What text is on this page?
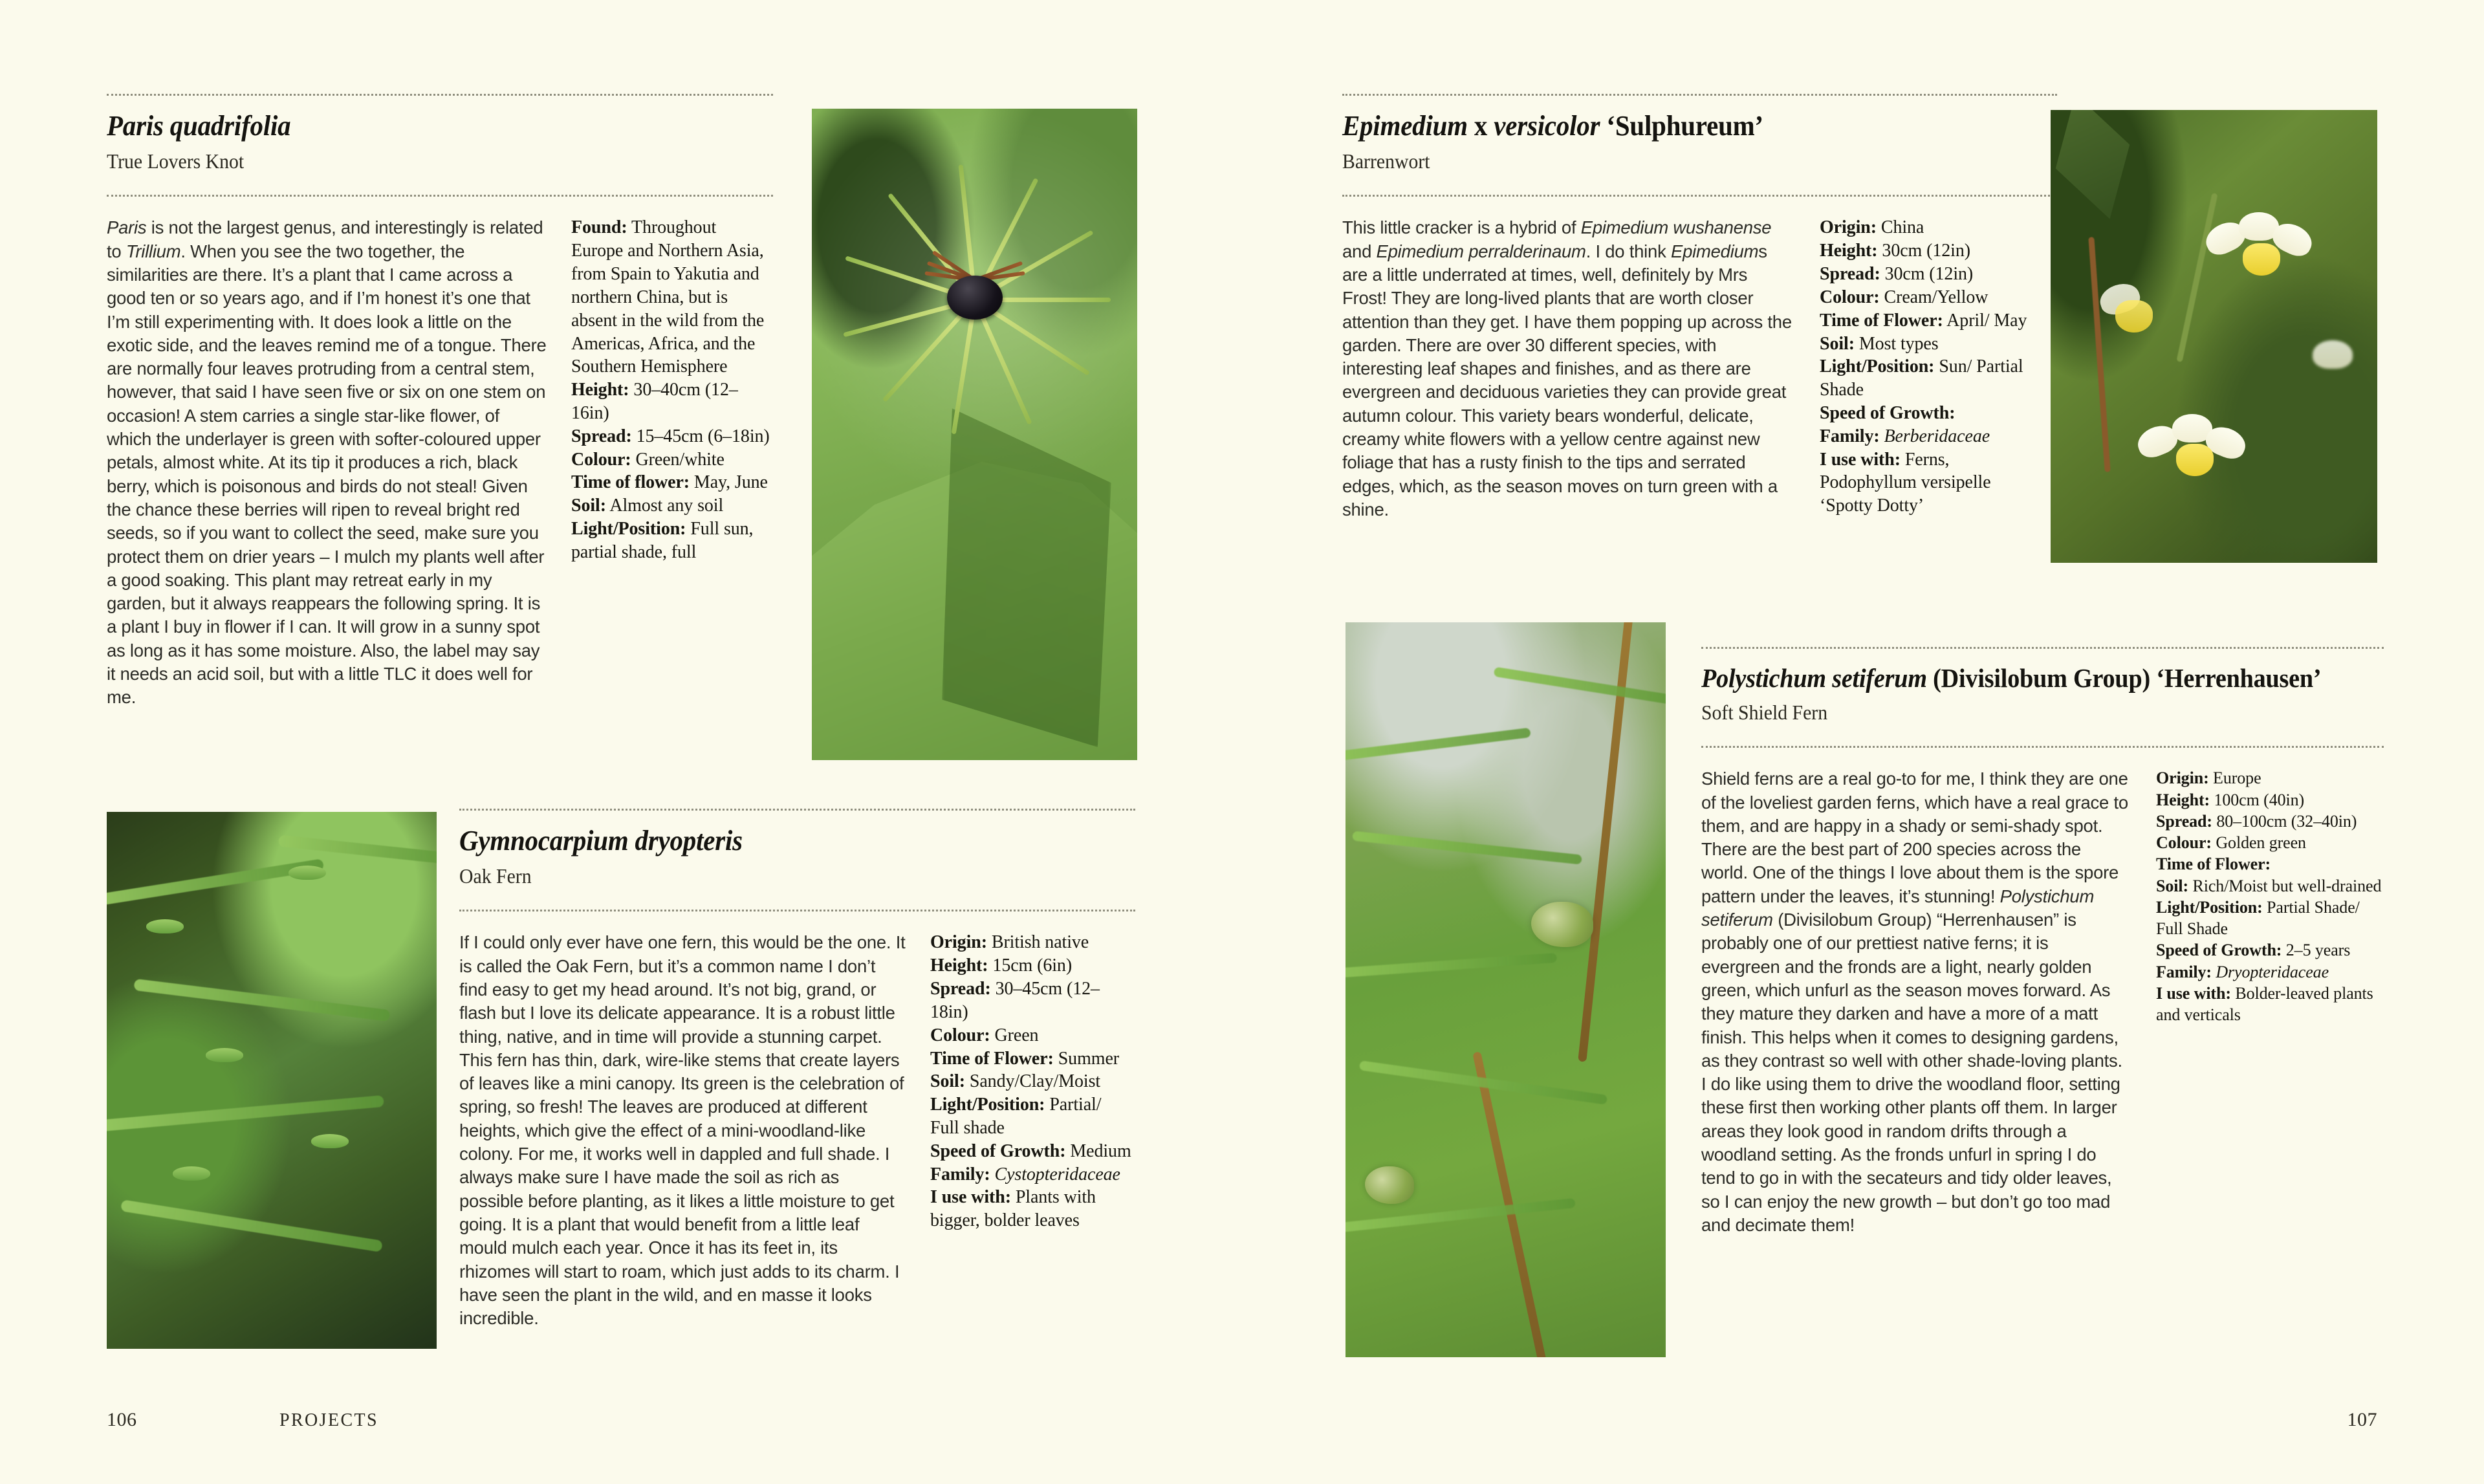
Paris quadrifolia
True Lovers Knot

Paris is not the largest genus, and interestingly is related to Trillium. When you see the two together, the similarities are there. It’s a plant that I came across a good ten or so years ago, and if I’m honest it’s one that I’m still experimenting with. It does look a little on the exotic side, and the leaves remind me of a tongue. There are normally four leaves protruding from a central stem, however, that said I have seen five or six on one stem on occasion! A stem carries a single star-like flower, of which the underlayer is green with softer-coloured upper petals, almost white. At its tip it produces a rich, black berry, which is poisonous and birds do not steal! Given the chance these berries will ripen to reveal bright red seeds, so if you want to collect the seed, make sure you protect them on drier years – I mulch my plants well after a good soaking. This plant may retreat early in my garden, but it always reappears the following spring. It is a plant I buy in flower if I can. It will grow in a sunny spot as long as it has some moisture. Also, the label may say it needs an acid soil, but with a little TLC it does well for me.

Found: Throughout Europe and Northern Asia, from Spain to Yakutia and northern China, but is absent in the wild from the Americas, Africa, and the Southern Hemisphere
Height: 30–40cm (12–16in)
Spread: 15–45cm (6–18in)
Colour: Green/white
Time of flower: May, June
Soil: Almost any soil
Light/Position: Full sun, partial shade, full
Gymnocarpium dryopteris
Oak Fern

If I could only ever have one fern, this would be the one. It is called the Oak Fern, but it’s a common name I don’t find easy to get my head around. It’s not big, grand, or flash but I love its delicate appearance. It is a robust little thing, native, and in time will provide a stunning carpet. This fern has thin, dark, wire-like stems that create layers of leaves like a mini canopy. Its green is the celebration of spring, so fresh! The leaves are produced at different heights, which give the effect of a mini-woodland-like colony. For me, it works well in dappled and full shade. I always make sure I have made the soil as rich as possible before planting, as it likes a little moisture to get going. It is a plant that would benefit from a little leaf mould mulch each year. Once it has its feet in, its rhizomes will start to roam, which just adds to its charm. I have seen the plant in the wild, and en masse it looks incredible.

Origin: British native
Height: 15cm (6in)
Spread: 30–45cm (12–18in)
Colour: Green
Time of Flower: Summer
Soil: Sandy/Clay/Moist
Light/Position: Partial/ Full shade
Speed of Growth: Medium
Family: Cystopteridaceae
I use with: Plants with bigger, bolder leaves
PROJECTS
106
Epimedium x versicolor ‘Sulphureum’
Barrenwort

This little cracker is a hybrid of Epimedium wushanense and Epimedium perralderinaum. I do think Epimediums are a little underrated at times, well, definitely by Mrs Frost! They are long-lived plants that are worth closer attention than they get. I have them popping up across the garden. There are over 30 different species, with interesting leaf shapes and finishes, and as there are evergreen and deciduous varieties they can provide great autumn colour. This variety bears wonderful, delicate, creamy white flowers with a yellow centre against new foliage that has a rusty finish to the tips and serrated edges, which, as the season moves on turn green with a shine.

Origin: China
Height: 30cm (12in)
Spread: 30cm (12in)
Colour: Cream/Yellow
Time of Flower: April/ May
Soil: Most types
Light/Position: Sun/ Partial Shade
Speed of Growth:
Family: Berberidaceae
I use with: Ferns, Podophyllum versipelle ‘Spotty Dotty’
Polystichum setiferum (Divisilobum Group) ‘Herrenhausen’
Soft Shield Fern

Shield ferns are a real go-to for me, I think they are one of the loveliest garden ferns, which have a real grace to them, and are happy in a shady or semi-shady spot. There are the best part of 200 species across the world. One of the things I love about them is the spore pattern under the leaves, it’s stunning! Polystichum setiferum (Divisilobum Group) “Herrenhausen” is probably one of our prettiest native ferns; it is evergreen and the fronds are a light, nearly golden green, which unfurl as the season moves forward. As they mature they darken and have a more of a matt finish. This helps when it comes to designing gardens, as they contrast so well with other shade-loving plants. I do like using them to drive the woodland floor, setting these first then working other plants off them. In larger areas they look good in random drifts through a woodland setting. As the fronds unfurl in spring I do tend to go in with the secateurs and tidy older leaves, so I can enjoy the new growth – but don’t go too mad and decimate them!

Origin: Europe
Height: 100cm (40in)
Spread: 80–100cm (32–40in)
Colour: Golden green
Time of Flower:
Soil: Rich/Moist but well-drained
Light/Position: Partial Shade/ Full Shade
Speed of Growth: 2–5 years
Family: Dryopteridaceae
I use with: Bolder-leaved plants and verticals
107
